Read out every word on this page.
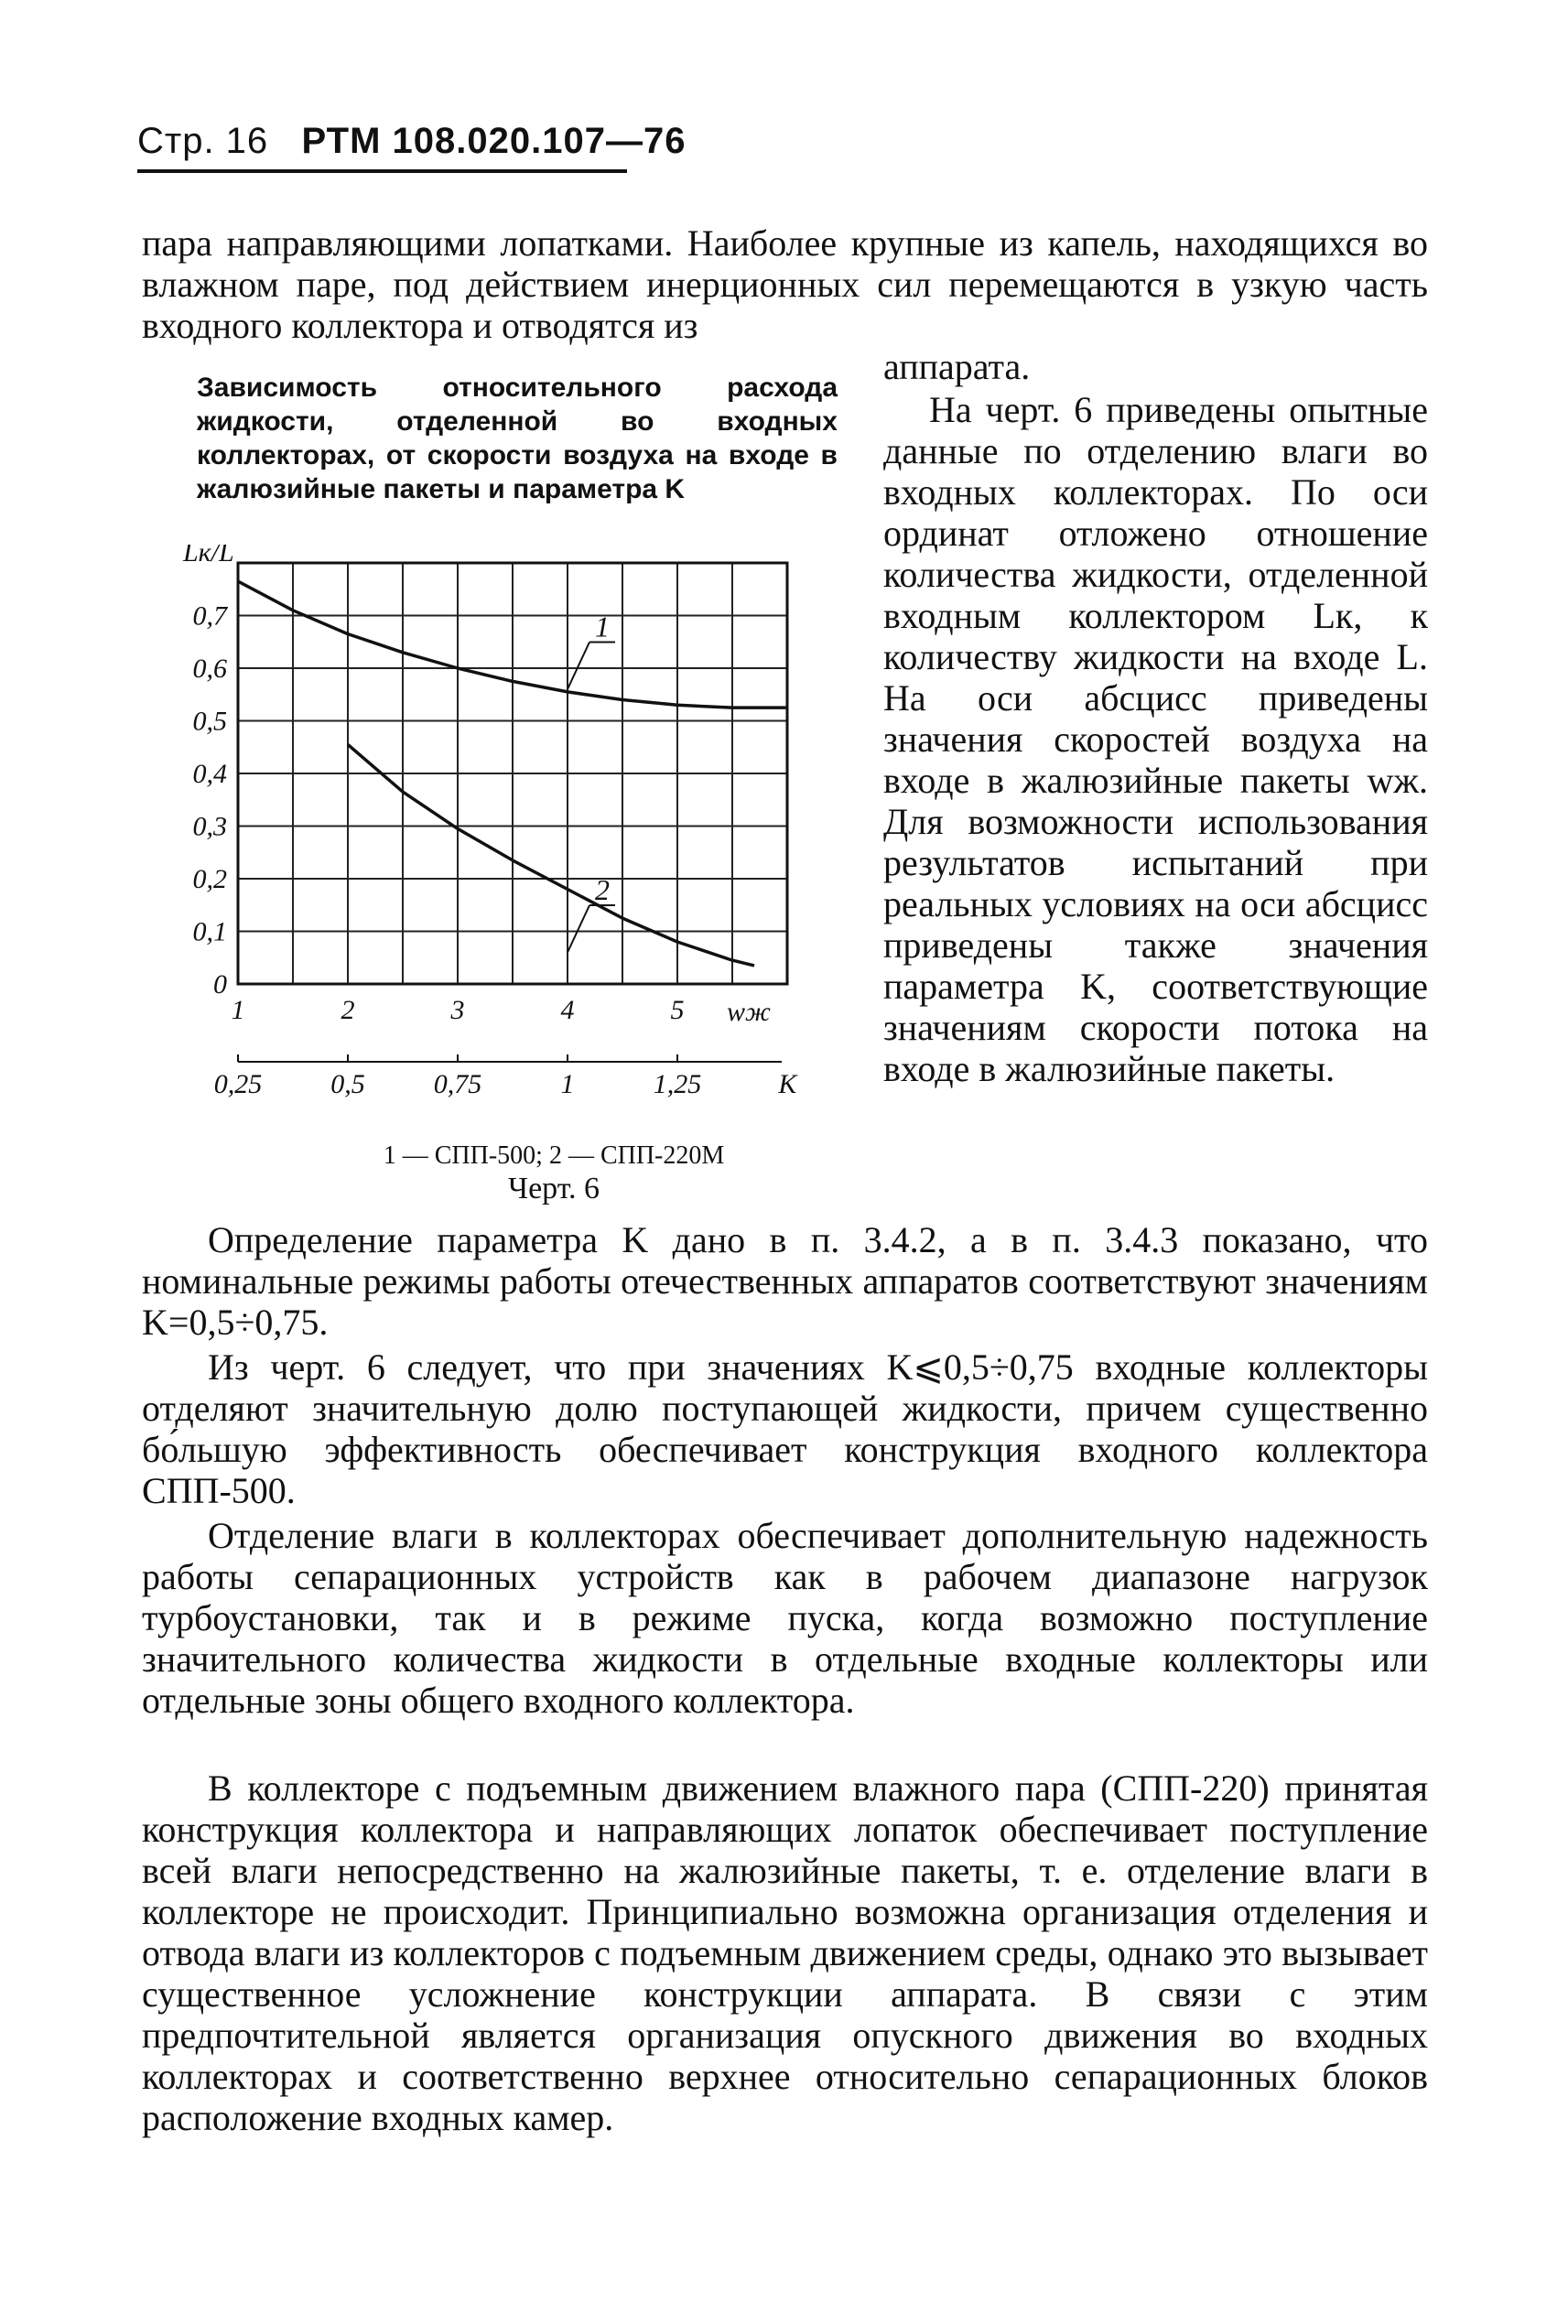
Стр. 16 РТМ 108.020.107—76
пара направляющими лопатками. Наиболее крупные из капель, находящихся во влажном паре, под действием инерционных сил перемещаются в узкую часть входного коллектора и отводятся из
аппарата.
На черт. 6 приведены опытные данные по отделению влаги во входных коллекторах. По оси ординат отложено отношение количества жидкости, отделенной входным коллектором Lк, к количеству жидкости на входе L. На оси абсцисс приведены значения скоростей воздуха на входе в жалюзийные пакеты wж. Для возможности использования результатов испытаний при реальных условиях на оси абсцисс приведены также значения параметра K, соответствующие значениям скорости потока на входе в жалюзийные пакеты.
Зависимость относительного расхода жидкости, отделенной во входных коллекторах, от скорости воздуха на входе в жалюзийные пакеты и параметра K
0
0,1
0,2
0,3
0,4
0,5
0,6
0,7
Lк/L
1	2	3	4	5 wж
0,25	0,5	0,75	1	1,25	K
1
2
1 — СПП-500; 2 — СПП-220М
Черт. 6
Определение параметра K дано в п. 3.4.2, а в п. 3.4.3 показано, что номинальные режимы работы отечественных аппаратов соответствуют значениям K=0,5÷0,75.
Из черт. 6 следует, что при значениях K⩽0,5÷0,75 входные коллекторы отделяют значительную долю поступающей жидкости, причем существенно бо́льшую эффективность обеспечивает конструкция входного коллектора СПП-500.
Отделение влаги в коллекторах обеспечивает дополнительную надежность работы сепарационных устройств как в рабочем диапазоне нагрузок турбоустановки, так и в режиме пуска, когда возможно поступление значительного количества жидкости в отдельные входные коллекторы или отдельные зоны общего входного коллектора.
В коллекторе с подъемным движением влажного пара (СПП-220) принятая конструкция коллектора и направляющих лопаток обеспечивает поступление всей влаги непосредственно на жалюзийные пакеты, т. е. отделение влаги в коллекторе не происходит. Принципиально возможна организация отделения и отвода влаги из коллекторов с подъемным движением среды, однако это вызывает существенное усложнение конструкции аппарата. В связи с этим предпочтительной является организация опускного движения во входных коллекторах и соответственно верхнее относительно сепарационных блоков расположение входных камер.
